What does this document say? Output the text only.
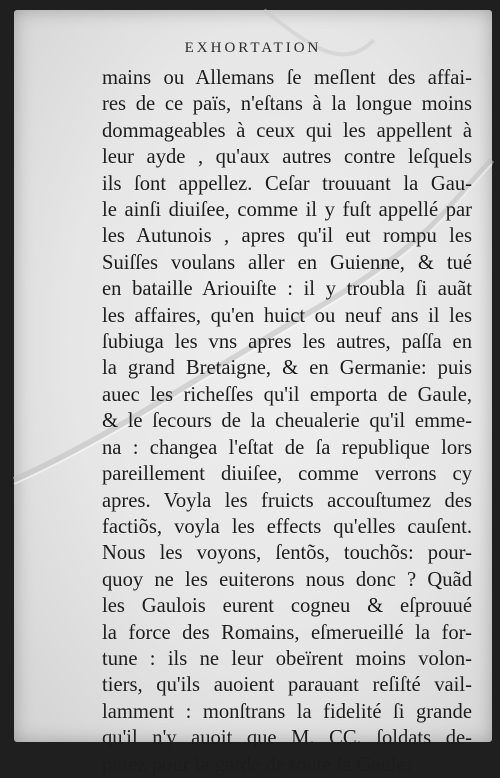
EXHORTATION
mains ou Allemans ſe meſlent des affai-
res de ce païs, n'eſtans à la longue moins
dommageables à ceux qui les appellent à
leur ayde , qu'aux autres contre leſquels
ils ſont appellez. Ceſar trouuant la Gau-
le ainſi diuiſee, comme il y fuſt appellé par
les Autunois , apres qu'il eut rompu les
Suiſſes voulans aller en Guienne, & tué
en bataille Ariouiſte : il y troubla ſi auãt
les affaires, qu'en huict ou neuf ans il les
ſubiuga les vns apres les autres, paſſa en
la grand Bretaigne, & en Germanie: puis
auec les richeſſes qu'il emporta de Gaule,
& le ſecours de la cheualerie qu'il emme-
na : changea l'eſtat de ſa republique lors
pareillement diuiſee, comme verrons cy
apres. Voyla les fruicts accouſtumez des
factiõs, voyla les effects qu'elles cauſent.
Nous les voyons, ſentõs, touchõs: pour-
quoy ne les euiterons nous donc ? Quãd
les Gaulois eurent cogneu & eſprouué
la force des Romains, eſmerueillé la for-
tune : ils ne leur obeïrent moins volon-
tiers, qu'ils auoient parauant reſiſté vail-
lamment : monſtrans la fidelité ſi grande
qu'il n'y auoit que M. CC. ſoldats de-
putez pour la garde de toute la Gaule:
